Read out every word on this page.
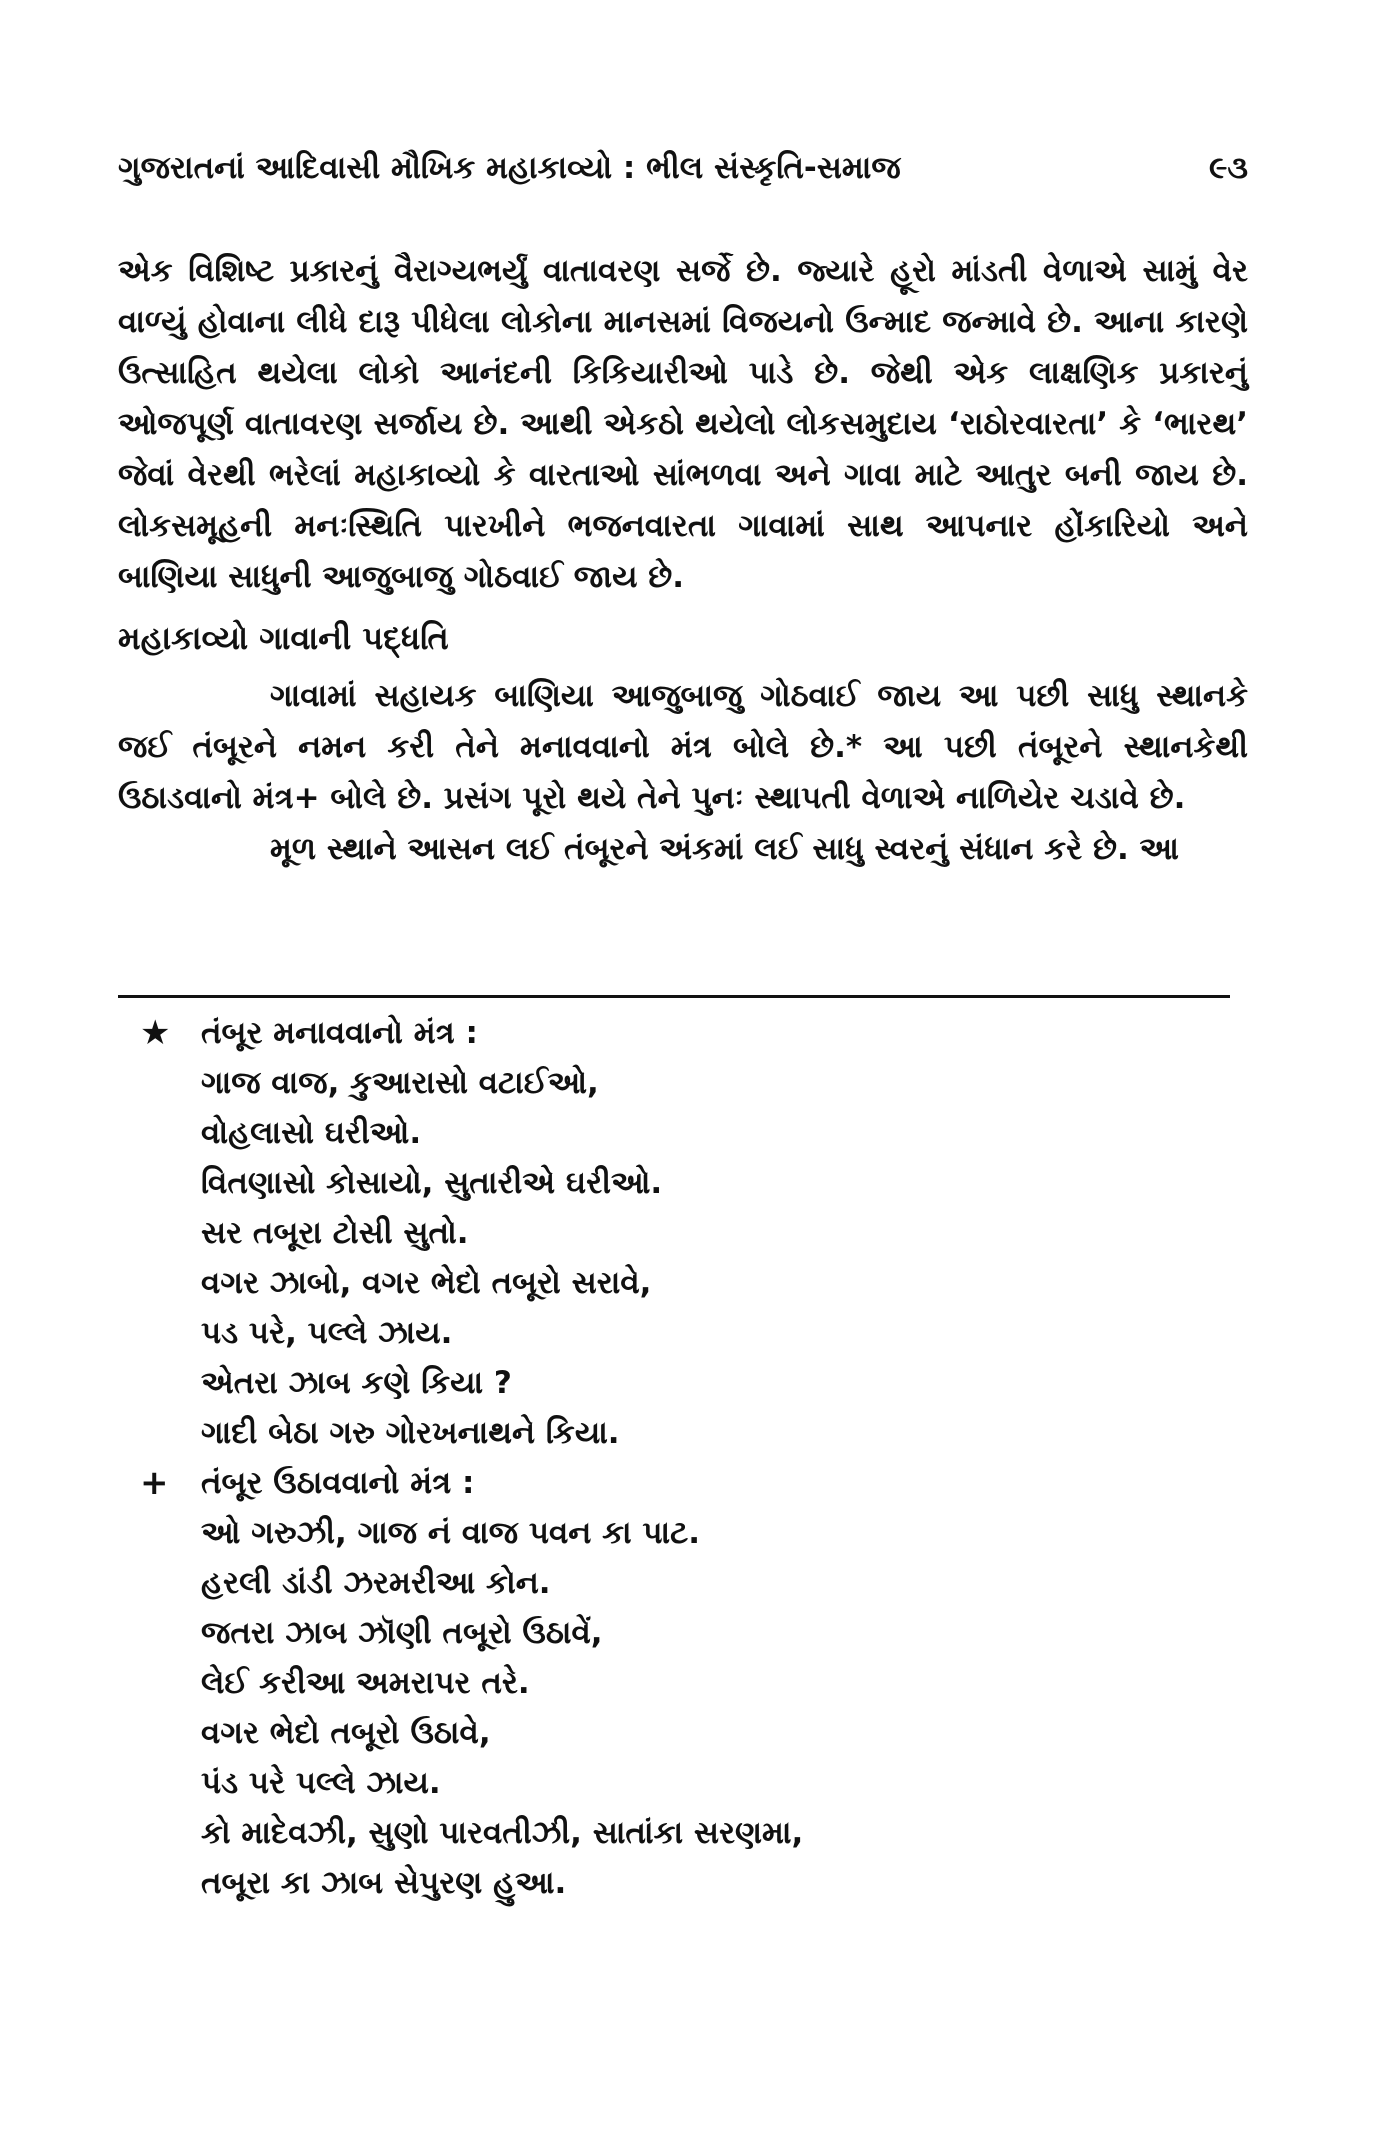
ગુજરાતનાં આદિવાસી મૌખિક મહાકાવ્યો : ભીલ સંસ્કૃતિ-સમાજ	૯૩

એક વિશિષ્ટ પ્રકારનું વૈરાગ્યભર્યું વાતાવરણ સર્જે છે. જ્યારે હૂરો માંડતી વેળાએ સામું વેર વાળ્યું હોવાના લીધે દારૂ પીધેલા લોકોના માનસમાં વિજયનો ઉન્માદ જન્માવે છે. આના કારણે ઉત્સાહિત થયેલા લોકો આનંદની કિકિયારીઓ પાડે છે. જેથી એક લાક્ષણિક પ્રકારનું ઓજપૂર્ણ વાતાવરણ સર્જાય છે. આથી એકઠો થયેલો લોકસમુદાય ‘રાઠોરવારતા’ કે ‘ભારથ’ જેવાં વેરથી ભરેલાં મહાકાવ્યો કે વારતાઓ સાંભળવા અને ગાવા માટે આતુર બની જાય છે. લોકસમૂહની મનઃસ્થિતિ પારખીને ભજનવારતા ગાવામાં સાથ આપનાર હોંકારિયો અને બાણિયા સાધુની આજુબાજુ ગોઠવાઈ જાય છે.

મહાકાવ્યો ગાવાની પદ્ધતિ

ગાવામાં સહાયક બાણિયા આજુબાજુ ગોઠવાઈ જાય આ પછી સાધુ સ્થાનકે જઈ તંબૂરને નમન કરી તેને મનાવવાનો મંત્ર બોલે છે.* આ પછી તંબૂરને સ્થાનકેથી ઉઠાડવાનો મંત્ર+ બોલે છે. પ્રસંગ પૂરો થયે તેને પુનઃ સ્થાપતી વેળાએ નાળિયેર ચડાવે છે.

મૂળ સ્થાને આસન લઈ તંબૂરને અંકમાં લઈ સાધુ સ્વરનું સંધાન કરે છે. આ

★ તંબૂર મનાવવાનો મંત્ર :
ગાજ વાજ, કુઆરાસો વટાઈઓ,
વોહલાસો ઘરીઓ.
વિતણાસો કોસાયો, સુતારીએ ઘરીઓ.
સર તબૂરા ટોસી સુતો.
વગર ઝાબો, વગર ભેદો તબૂરો સરાવે,
પડ પરે, પલ્લે ઝાય.
એતરા ઝાબ કણે કિયા ?
ગાદી બેઠા ગરુ ગોરખનાથને કિયા.
+	તંબૂર ઉઠાવવાનો મંત્ર :
ઓ ગરુઝી, ગાજ નં વાજ પવન કા પાટ.
હરલી ડાંડી ઝરમરીઆ કોન.
જતરા ઝાબ ઝૉણી તબૂરો ઉઠાવેં,
લેઈ કરીઆ અમરાપર તરે.
વગર ભેદો તબૂરો ઉઠાવે,
પંડ પરે પલ્લે ઝાય.
કો માદેવઝી, સુણો પારવતીઝી, સાતાંકા સરણમા,
તબૂરા કા ઝાબ સેપુરણ હુઆ.
